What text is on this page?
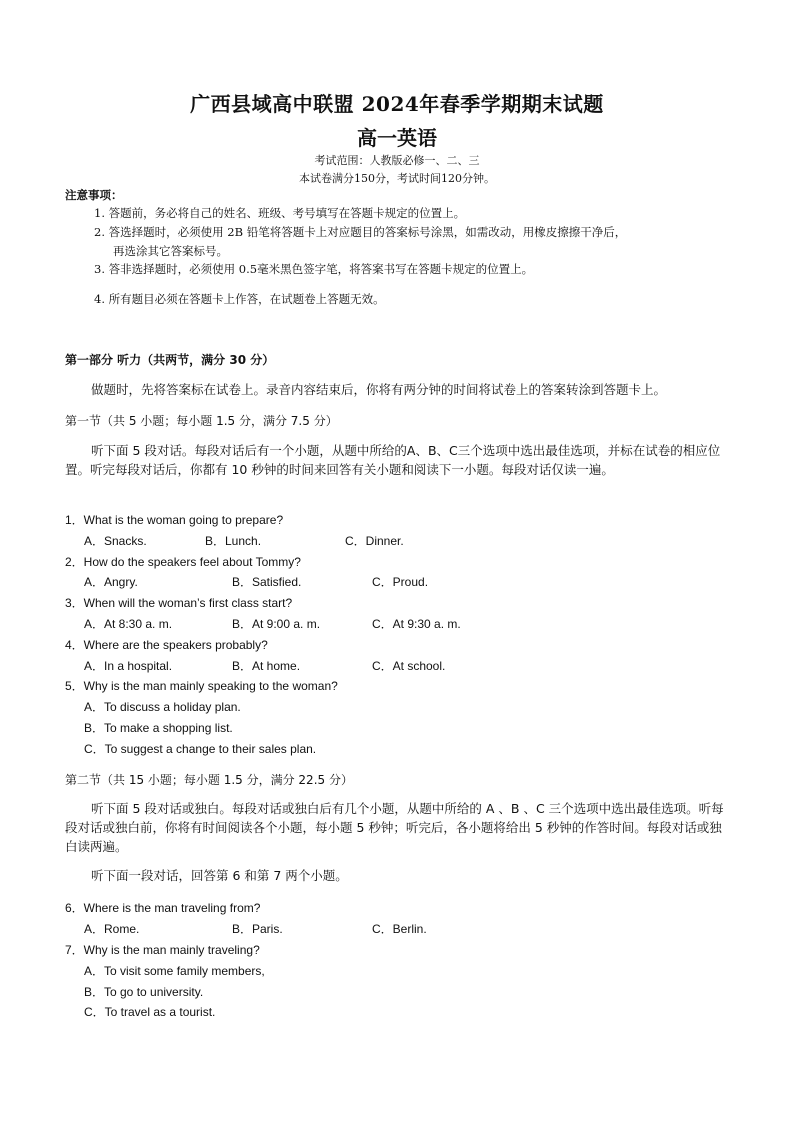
广西县域高中联盟 2024年春季学期期末试题
高一英语
考试范围：人教版必修一、二、三
本试卷满分150分，考试时间120分钟。
注意事项：
1. 答题前，务必将自己的姓名、班级、考号填写在答题卡规定的位置上。
2. 答选择题时，必须使用 2B 铅笔将答题卡上对应题目的答案标号涂黑，如需改动，用橡皮擦擦干净后，
再选涂其它答案标号。
3. 答非选择题时，必须使用 0.5毫米黑色签字笔，将答案书写在答题卡规定的位置上。
4. 所有题目必须在答题卡上作答，在试题卷上答题无效。
第一部分 听力（共两节，满分 30 分）
做题时，先将答案标在试卷上。录音内容结束后，你将有两分钟的时间将试卷上的答案转涂到答题卡上。
第一节（共 5 小题；每小题 1.5 分，满分 7.5 分）
听下面 5 段对话。每段对话后有一个小题，从题中所给的A、B、C三个选项中选出最佳选项，并标在试卷的相应位置。听完每段对话后，你都有 10 秒钟的时间来回答有关小题和阅读下一小题。每段对话仅读一遍。
1．What is the woman going to prepare?
A．Snacks.	B．Lunch.	C．Dinner.
2．How do the speakers feel about Tommy?
A．Angry.	B．Satisfied.	C．Proud.
3．When will the woman’s first class start?
A．At 8:30 a. m.	B．At 9:00 a. m.	C．At 9:30 a. m.
4．Where are the speakers probably?
A．In a hospital.	B．At home.	C．At school.
5．Why is the man mainly speaking to the woman?
A．To discuss a holiday plan.
B．To make a shopping list.
C．To suggest a change to their sales plan.
第二节（共 15 小题；每小题 1.5 分，满分 22.5 分）
听下面 5 段对话或独白。每段对话或独白后有几个小题，从题中所给的 A 、B 、C 三个选项中选出最佳选项。听每段对话或独白前，你将有时间阅读各个小题，每小题 5 秒钟；听完后，各小题将给出 5 秒钟的作答时间。每段对话或独白读两遍。
听下面一段对话，回答第 6 和第 7 两个小题。
6．Where is the man traveling from?
A．Rome.	B．Paris.	C．Berlin.
7．Why is the man mainly traveling?
A．To visit some family members,
B．To go to university.
C．To travel as a tourist.
